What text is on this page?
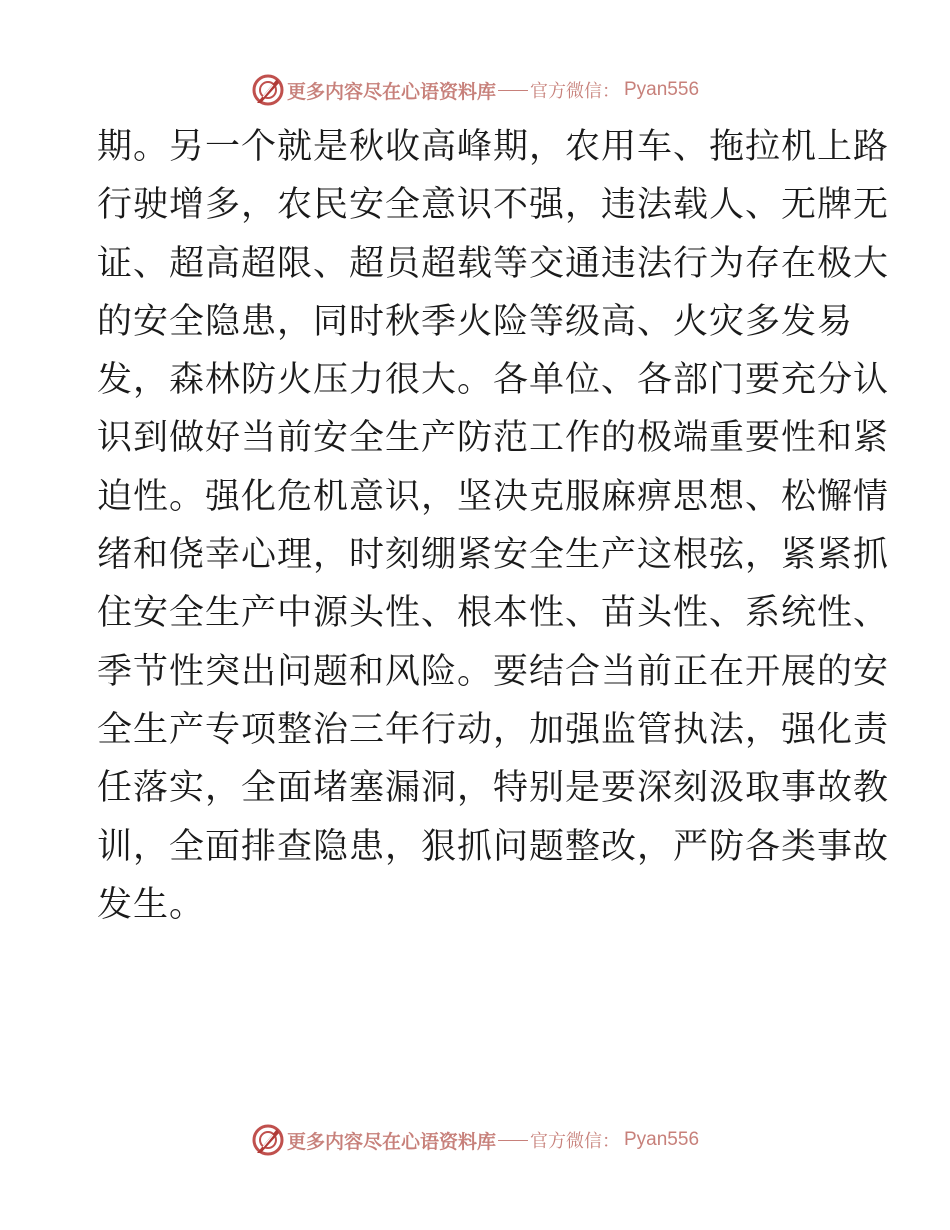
更多内容尽在心语资料库 官方微信： Pyan556
期。另一个就是秋收高峰期，农用车、拖拉机上路
行驶增多，农民安全意识不强，违法载人、无牌无
证、超高超限、超员超载等交通违法行为存在极大
的安全隐患，同时秋季火险等级高、火灾多发易
发，森林防火压力很大。各单位、各部门要充分认
识到做好当前安全生产防范工作的极端重要性和紧
迫性。强化危机意识，坚决克服麻痹思想、松懈情
绪和侥幸心理，时刻绷紧安全生产这根弦，紧紧抓
住安全生产中源头性、根本性、苗头性、系统性、
季节性突出问题和风险。要结合当前正在开展的安
全生产专项整治三年行动，加强监管执法，强化责
任落实，全面堵塞漏洞，特别是要深刻汲取事故教
训，全面排查隐患，狠抓问题整改，严防各类事故
发生。
更多内容尽在心语资料库 官方微信： Pyan556
